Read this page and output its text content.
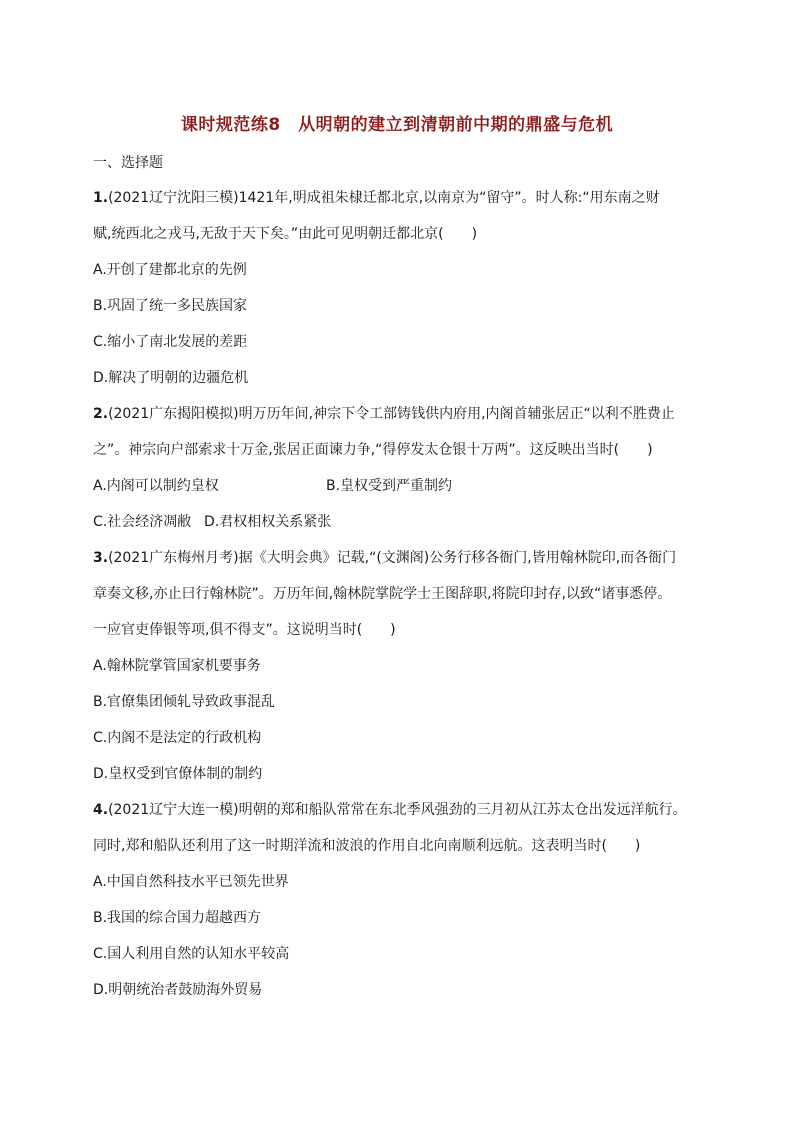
课时规范练8　从明朝的建立到清朝前中期的鼎盛与危机
一、选择题
1.(2021辽宁沈阳三模)1421年,明成祖朱棣迁都北京,以南京为“留守”。时人称:“用东南之财
赋,统西北之戎马,无敌于天下矣。”由此可见明朝迁都北京(　　)
A.开创了建都北京的先例
B.巩固了统一多民族国家
C.缩小了南北发展的差距
D.解决了明朝的边疆危机
2.(2021广东揭阳模拟)明万历年间,神宗下令工部铸钱供内府用,内阁首辅张居正“以利不胜费止
之”。神宗向户部索求十万金,张居正面谏力争,“得停发太仓银十万两”。这反映出当时(　　)
A.内阁可以制约皇权	B.皇权受到严重制约
C.社会经济凋敝 D.君权相权关系紧张
3.(2021广东梅州月考)据《大明会典》记载,“(文渊阁)公务行移各衙门,皆用翰林院印,而各衙门
章奏文移,亦止曰行翰林院”。万历年间,翰林院掌院学士王图辞职,将院印封存,以致“诸事悉停。
一应官吏俸银等项,俱不得支”。这说明当时(　　)
A.翰林院掌管国家机要事务
B.官僚集团倾轧导致政事混乱
C.内阁不是法定的行政机构
D.皇权受到官僚体制的制约
4.(2021辽宁大连一模)明朝的郑和船队常常在东北季风强劲的三月初从江苏太仓出发远洋航行。
同时,郑和船队还利用了这一时期洋流和波浪的作用自北向南顺利远航。这表明当时(　　)
A.中国自然科技水平已领先世界
B.我国的综合国力超越西方
C.国人利用自然的认知水平较高
D.明朝统治者鼓励海外贸易
